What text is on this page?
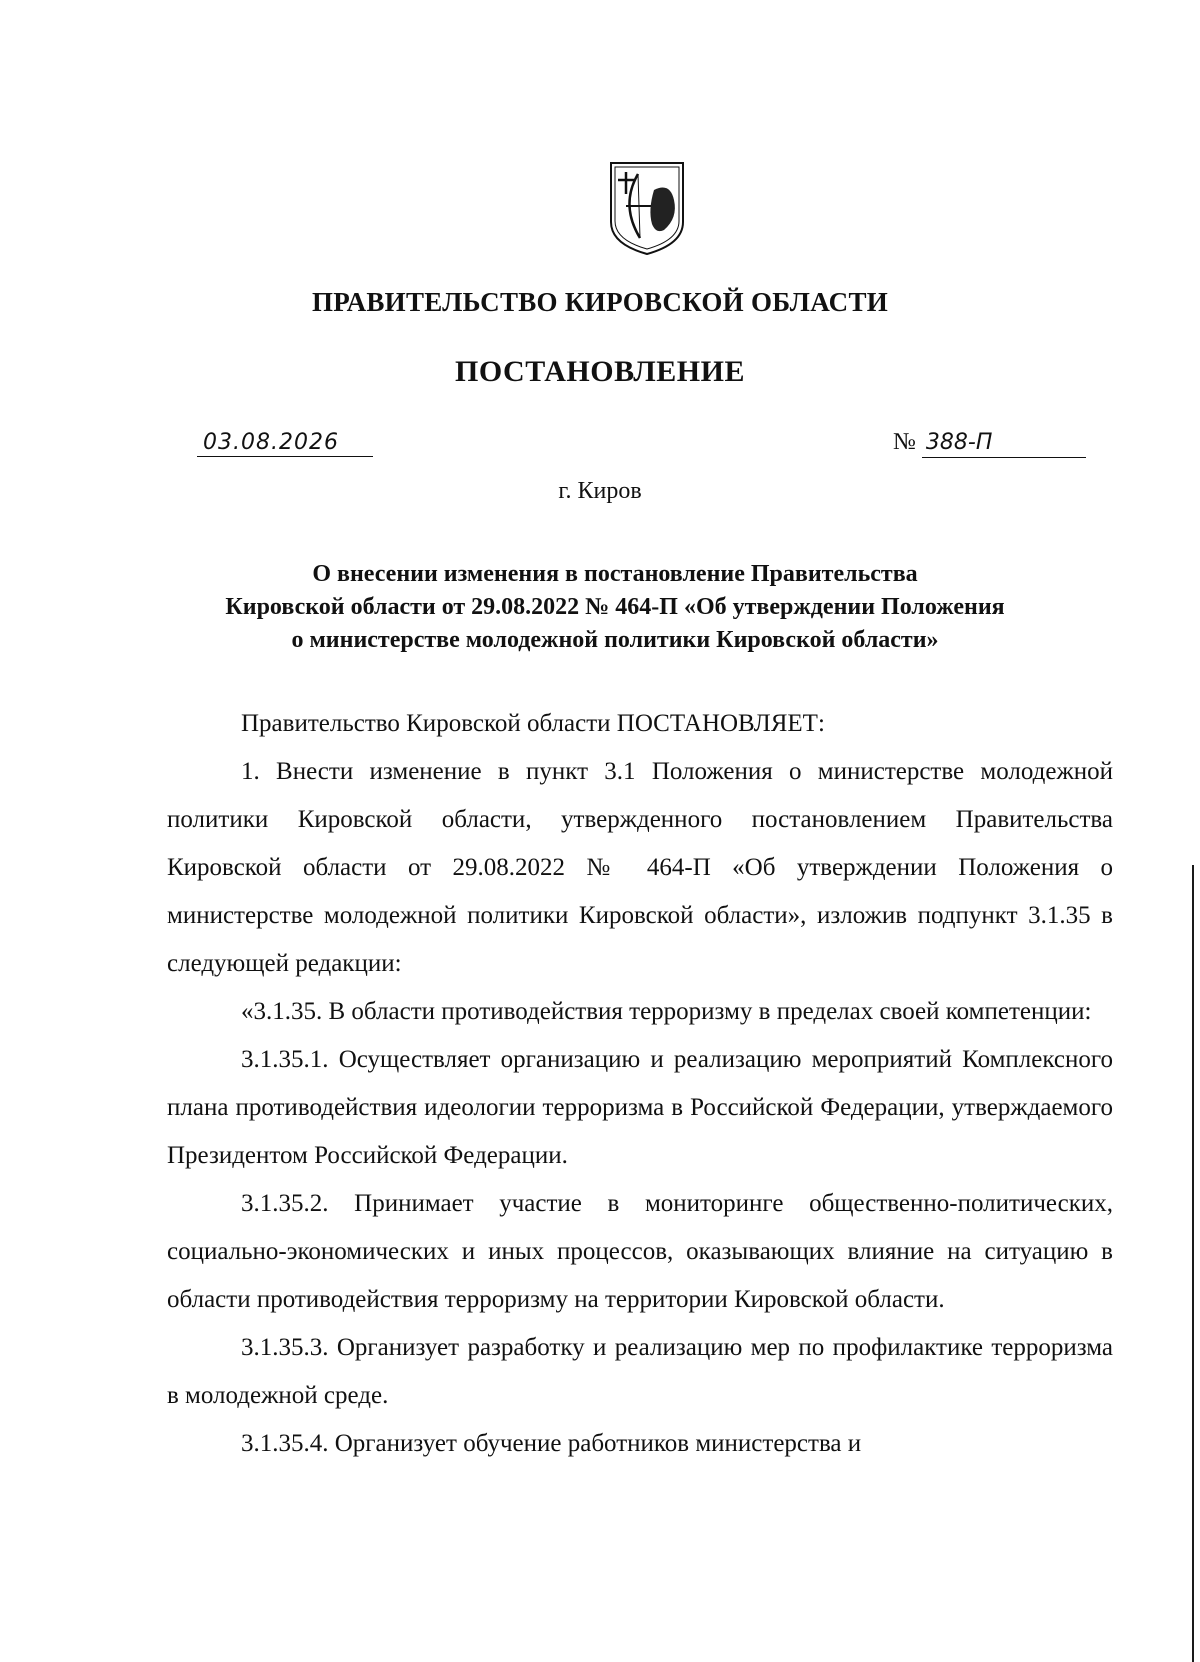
ПРАВИТЕЛЬСТВО КИРОВСКОЙ ОБЛАСТИ
ПОСТАНОВЛЕНИЕ
03.08.2026	№ 388-П
г. Киров
О внесении изменения в постановление Правительства
Кировской области от 29.08.2022 № 464-П «Об утверждении Положения
о министерстве молодежной политики Кировской области»

Правительство Кировской области ПОСТАНОВЛЯЕТ:

1. Внести изменение в пункт 3.1 Положения о министерстве молодежной политики Кировской области, утвержденного постановлением Правительства Кировской области от 29.08.2022 № 464-П «Об утверждении Положения о министерстве молодежной политики Кировской области», изложив подпункт 3.1.35 в следующей редакции:

«3.1.35. В области противодействия терроризму в пределах своей компетенции:

3.1.35.1. Осуществляет организацию и реализацию мероприятий Комплексного плана противодействия идеологии терроризма в Российской Федерации, утверждаемого Президентом Российской Федерации.

3.1.35.2. Принимает участие в мониторинге общественно-политических, социально-экономических и иных процессов, оказывающих влияние на ситуацию в области противодействия терроризму на территории Кировской области.

3.1.35.3. Организует разработку и реализацию мер по профилактике терроризма в молодежной среде.

3.1.35.4. Организует обучение работников министерства и
